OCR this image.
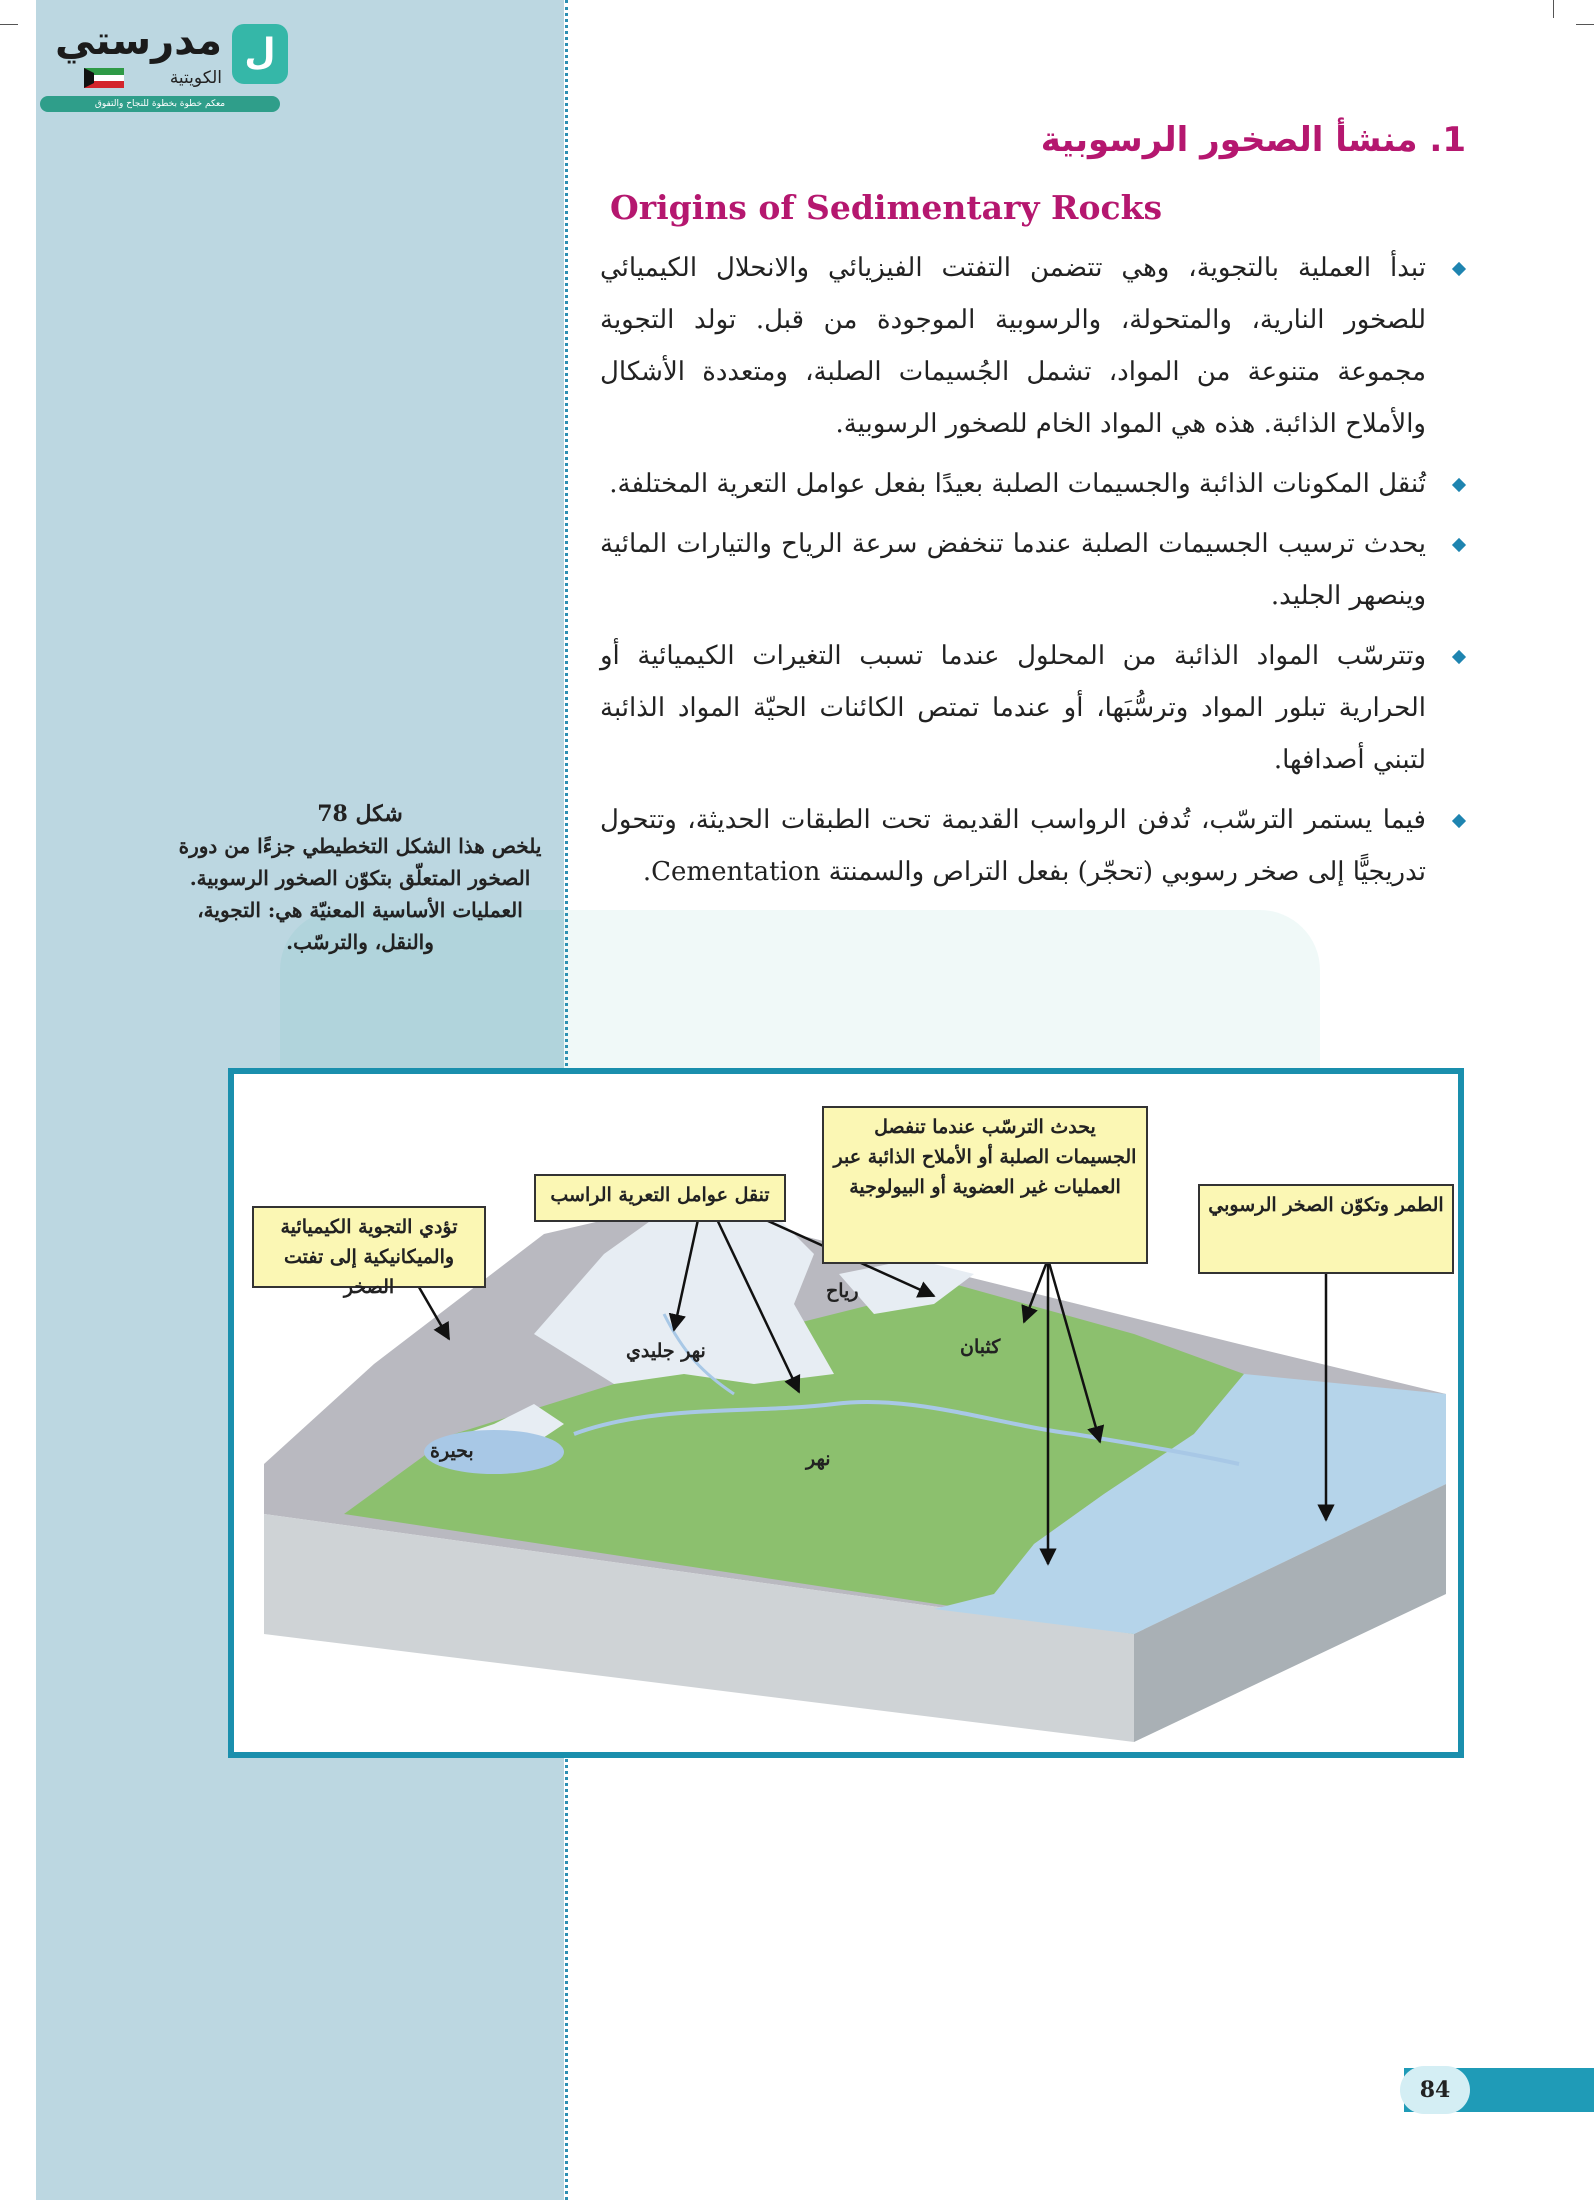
ل
مدرستي
الكويتية
معكم خطوة بخطوة للنجاح والتفوق
1. منشأ الصخور الرسوبية
Origins of Sedimentary Rocks
تبدأ العملية بالتجوية، وهي تتضمن التفتت الفيزيائي والانحلال الكيميائي للصخور النارية، والمتحولة، والرسوبية الموجودة من قبل. تولد التجوية مجموعة متنوعة من المواد، تشمل الجُسيمات الصلبة، ومتعددة الأشكال والأملاح الذائبة. هذه هي المواد الخام للصخور الرسوبية.
تُنقل المكونات الذائبة والجسيمات الصلبة بعيدًا بفعل عوامل التعرية المختلفة.
يحدث ترسيب الجسيمات الصلبة عندما تنخفض سرعة الرياح والتيارات المائية وينصهر الجليد.
وتترسّب المواد الذائبة من المحلول عندما تسبب التغيرات الكيميائية أو الحرارية تبلور المواد وترسُّبَها، أو عندما تمتص الكائنات الحيّة المواد الذائبة لتبني أصدافها.
فيما يستمر الترسّب، تُدفن الرواسب القديمة تحت الطبقات الحديثة، وتتحول تدريجيًّا إلى صخر رسوبي (تحجّر) بفعل التراص والسمنتة Cementation.
شكل 78
يلخص هذا الشكل التخطيطي جزءًا من دورة الصخور المتعلّق بتكوّن الصخور الرسوبية. العمليات الأساسية المعنيّة هي: التجوية، والنقل، والترسّب.
تؤدي التجوية الكيميائية والميكانيكية إلى تفتت الصخر
تنقل عوامل التعرية الراسب
يحدث الترسّب عندما تنفصل الجسيمات الصلبة أو الأملاح الذائبة عبر العمليات غير العضوية أو البيولوجية
الطمر وتكوّن الصخر الرسوبي
رياح
نهر جليدي	كثبان
بحيرة	نهر
84
